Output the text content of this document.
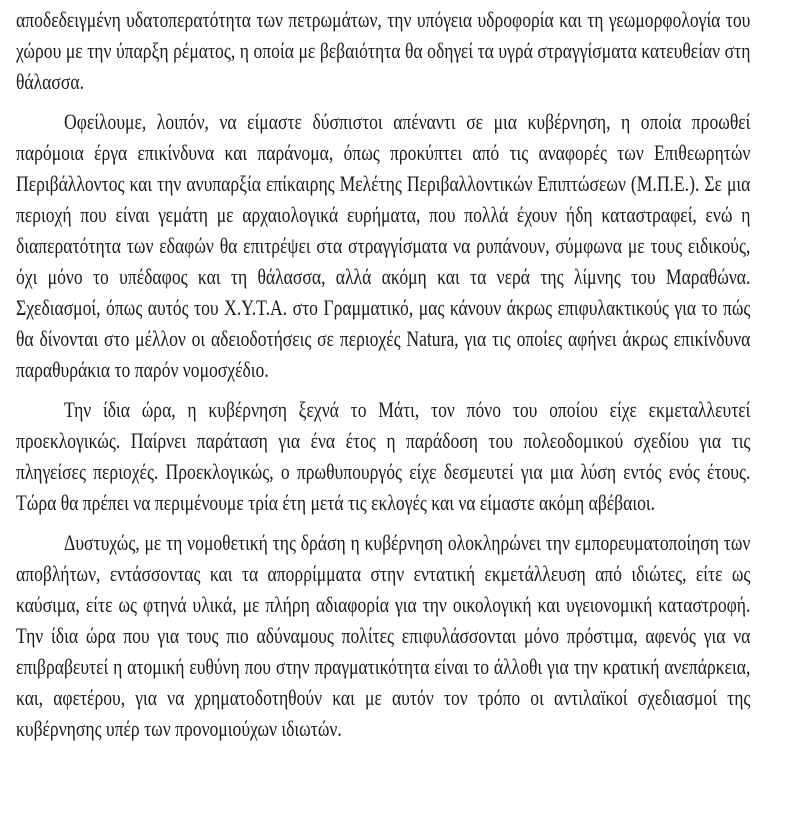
αποδεδειγμένη υδατοπερατότητα των πετρωμάτων, την υπόγεια υδροφορία και τη γεωμορφολογία του χώρου με την ύπαρξη ρέματος, η οποία με βεβαιότητα θα οδηγεί τα υγρά στραγγίσματα κατευθείαν στη θάλασσα.

Οφείλουμε, λοιπόν, να είμαστε δύσπιστοι απέναντι σε μια κυβέρνηση, η οποία προωθεί παρόμοια έργα επικίνδυνα και παράνομα, όπως προκύπτει από τις αναφορές των Επιθεωρητών Περιβάλλοντος και την ανυπαρξία επίκαιρης Μελέτης Περιβαλλοντικών Επιπτώσεων (Μ.Π.Ε.). Σε μια περιοχή που είναι γεμάτη με αρχαιολογικά ευρήματα, που πολλά έχουν ήδη καταστραφεί, ενώ η διαπερατότητα των εδαφών θα επιτρέψει στα στραγγίσματα να ρυπάνουν, σύμφωνα με τους ειδικούς, όχι μόνο το υπέδαφος και τη θάλασσα, αλλά ακόμη και τα νερά της λίμνης του Μαραθώνα. Σχεδιασμοί, όπως αυτός του Χ.Υ.Τ.Α. στο Γραμματικό, μας κάνουν άκρως επιφυλακτικούς για το πώς θα δίνονται στο μέλλον οι αδειοδοτήσεις σε περιοχές Natura, για τις οποίες αφήνει άκρως επικίνδυνα παραθυράκια το παρόν νομοσχέδιο.

Την ίδια ώρα, η κυβέρνηση ξεχνά το Μάτι, τον πόνο του οποίου είχε εκμεταλλευτεί προεκλογικώς. Παίρνει παράταση για ένα έτος η παράδοση του πολεοδομικού σχεδίου για τις πληγείσες περιοχές. Προεκλογικώς, ο πρωθυπουργός είχε δεσμευτεί για μια λύση εντός ενός έτους. Τώρα θα πρέπει να περιμένουμε τρία έτη μετά τις εκλογές και να είμαστε ακόμη αβέβαιοι.

Δυστυχώς, με τη νομοθετική της δράση η κυβέρνηση ολοκληρώνει την εμπορευματοποίηση των αποβλήτων, εντάσσοντας και τα απορρίμματα στην εντατική εκμετάλλευση από ιδιώτες, είτε ως καύσιμα, είτε ως φτηνά υλικά, με πλήρη αδιαφορία για την οικολογική και υγειονομική καταστροφή. Την ίδια ώρα που για τους πιο αδύναμους πολίτες επιφυλάσσονται μόνο πρόστιμα, αφενός για να επιβραβευτεί η ατομική ευθύνη που στην πραγματικότητα είναι το άλλοθι για την κρατική ανεπάρκεια, και, αφετέρου, για να χρηματοδοτηθούν και με αυτόν τον τρόπο οι αντιλαϊκοί σχεδιασμοί της κυβέρνησης υπέρ των προνομιούχων ιδιωτών.
